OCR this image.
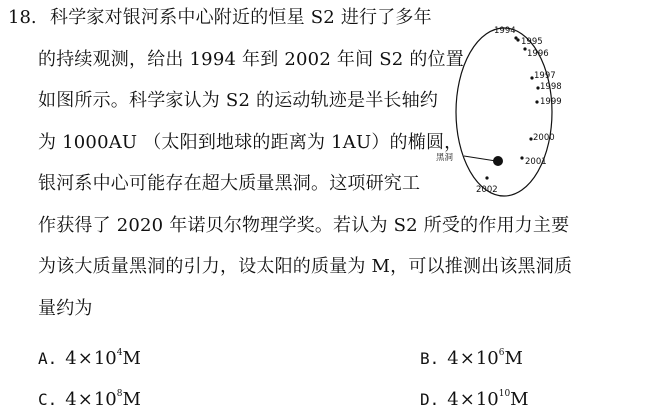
18. 科学家对银河系中心附近的恒星 S2 进行了多年
的持续观测，给出 1994 年到 2002 年间 S2 的位置
如图所示。科学家认为 S2 的运动轨迹是半长轴约
为 1000AU （太阳到地球的距离为 1AU）的椭圆，
银河系中心可能存在超大质量黑洞。这项研究工
作获得了 2020 年诺贝尔物理学奖。若认为 S2 所受的作用力主要
为该大质量黑洞的引力，设太阳的质量为 M，可以推测出该黑洞质
量约为
黑洞
1994
1995
1996
1997
1998
1999
2000
2001
2002
A. $4\times 10^4M$	B. $4\times 10^6M$
C. $4\times 10^8M$	D. $4\times 10^{10}M$
